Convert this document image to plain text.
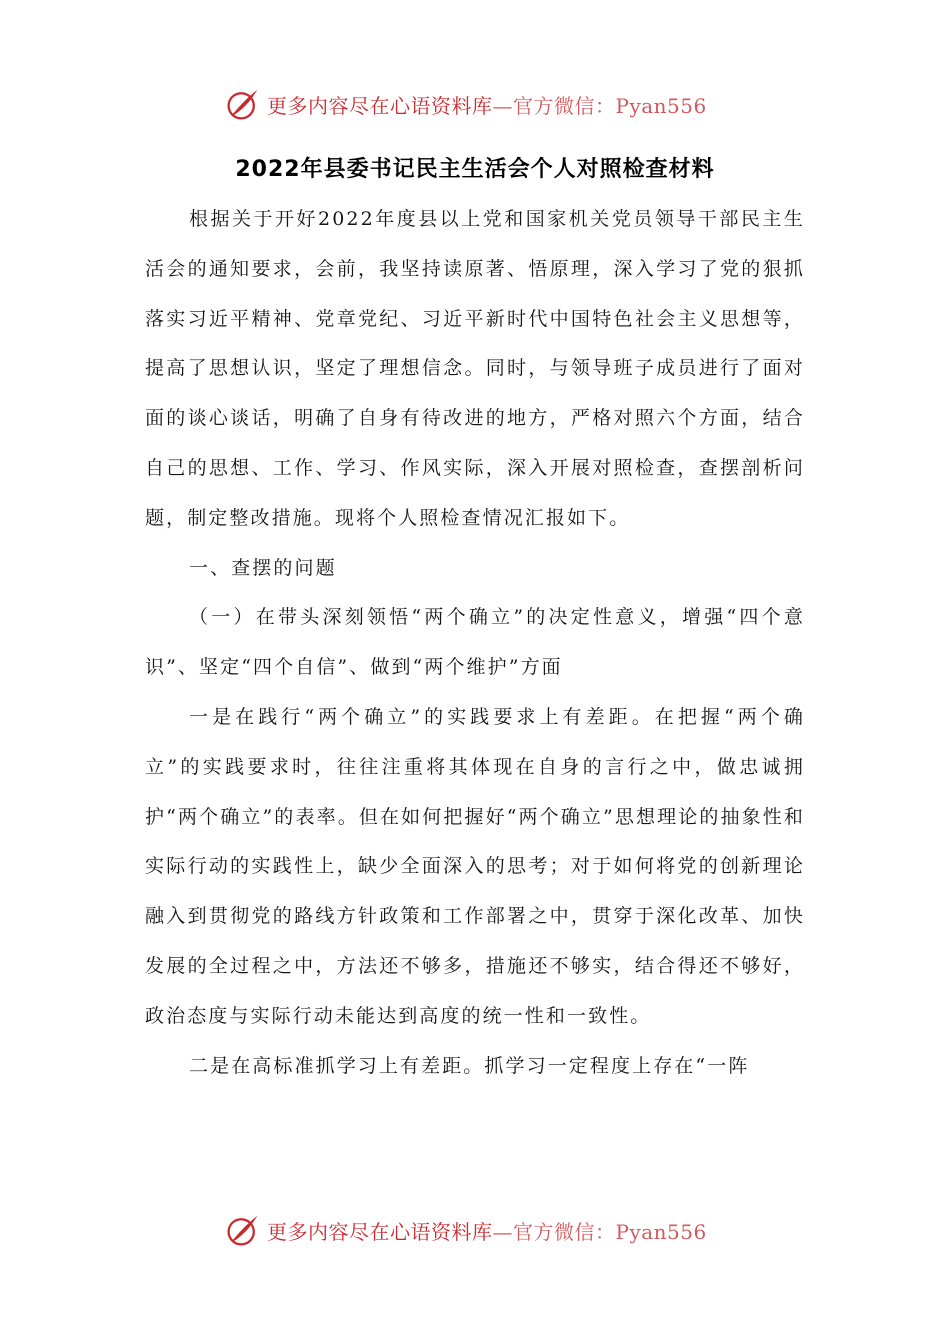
更多内容尽在心语资料库 —官方微信：Pyan556
2022年县委书记民主生活会个人对照检查材料

根据关于开好2022年度县以上党和国家机关党员领导干部民主生活会的通知要求，会前，我坚持读原著、悟原理，深入学习了党的狠抓落实习近平精神、党章党纪、习近平新时代中国特色社会主义思想等，提高了思想认识，坚定了理想信念。同时，与领导班子成员进行了面对面的谈心谈话，明确了自身有待改进的地方，严格对照六个方面，结合自己的思想、工作、学习、作风实际，深入开展对照检查，查摆剖析问题，制定整改措施。现将个人照检查情况汇报如下。

一、查摆的问题

（一）在带头深刻领悟“两个确立”的决定性意义，增强“四个意识”、坚定“四个自信”、做到“两个维护”方面

一是在践行“两个确立”的实践要求上有差距。在把握“两个确立”的实践要求时，往往注重将其体现在自身的言行之中，做忠诚拥护“两个确立”的表率。但在如何把握好“两个确立”思想理论的抽象性和实际行动的实践性上，缺少全面深入的思考；对于如何将党的创新理论融入到贯彻党的路线方针政策和工作部署之中，贯穿于深化改革、加快发展的全过程之中，方法还不够多，措施还不够实，结合得还不够好，政治态度与实际行动未能达到高度的统一性和一致性。

二是在高标准抓学习上有差距。抓学习一定程度上存在“一阵

更多内容尽在心语资料库 —官方微信：Pyan556
